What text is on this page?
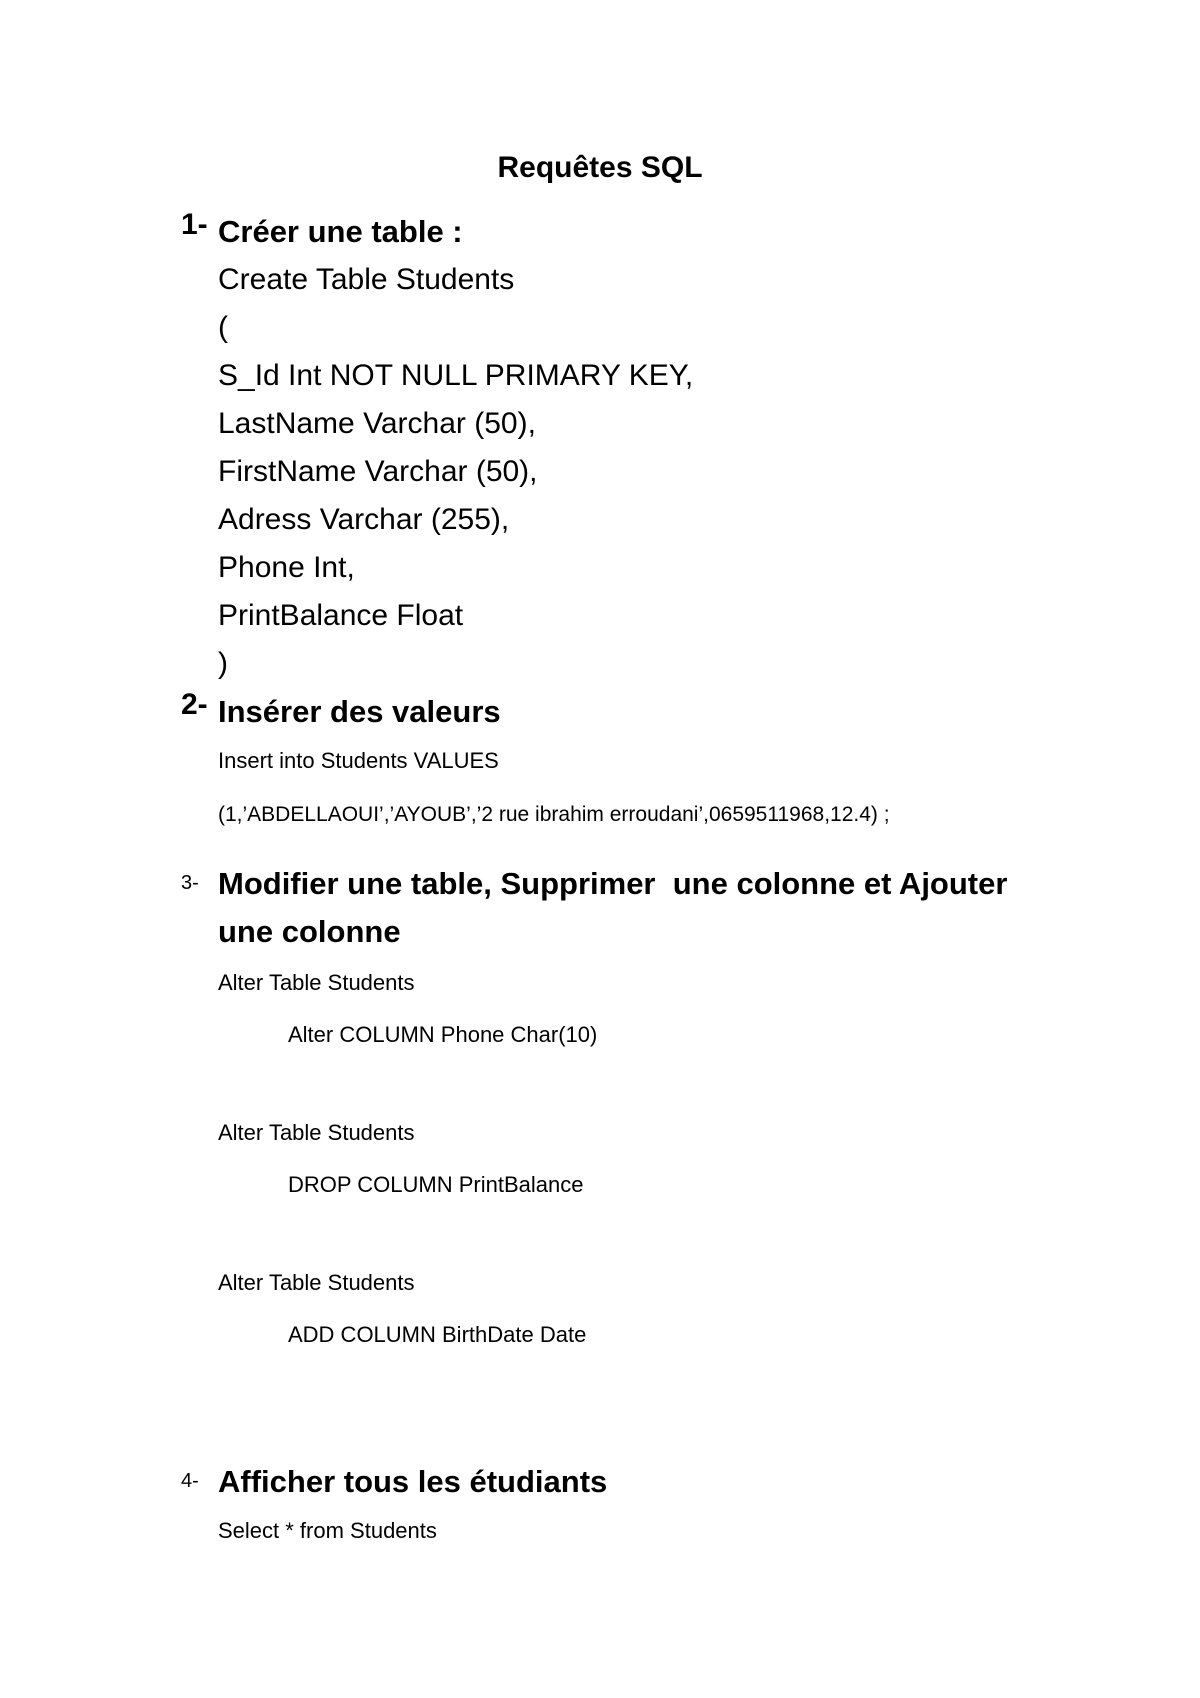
Requêtes SQL
1- Créer une table :
Create Table Students
(
S_Id Int NOT NULL PRIMARY KEY,
LastName Varchar (50),
FirstName Varchar (50),
Adress Varchar (255),
Phone Int,
PrintBalance Float
)
2- Insérer des valeurs
Insert into Students VALUES
(1,’ABDELLAOUI’,’AYOUB’,’2 rue ibrahim erroudani’,0659511968,12.4) ;
3- Modifier une table, Supprimer  une colonne et Ajouter
une colonne
Alter Table Students
Alter COLUMN Phone Char(10)
Alter Table Students
DROP COLUMN PrintBalance
Alter Table Students
ADD COLUMN BirthDate Date
4- Afficher tous les étudiants
Select * from Students
